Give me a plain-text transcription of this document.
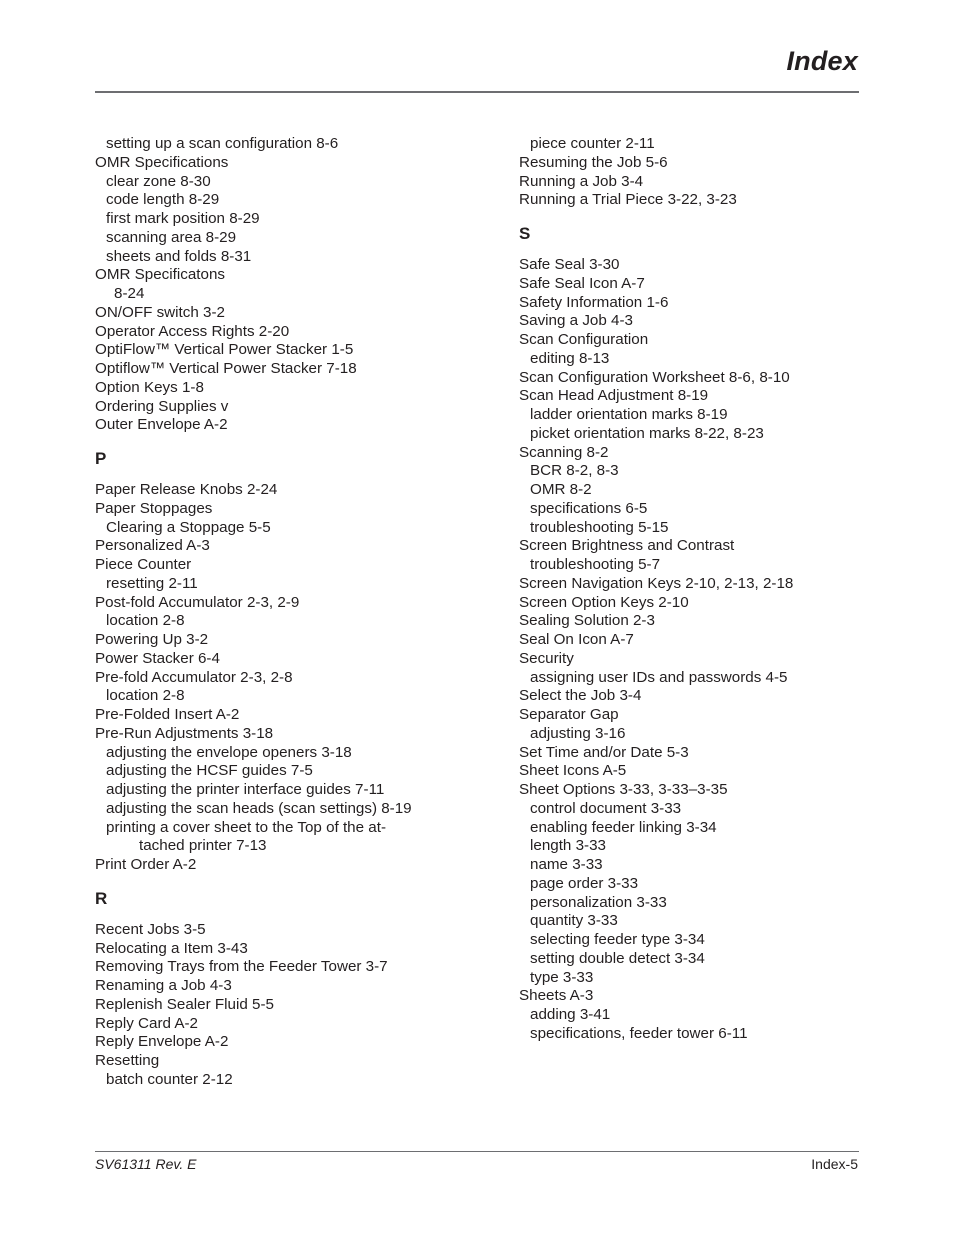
Index
setting up a scan configuration 8-6
OMR Specifications
clear zone 8-30
code length 8-29
first mark position 8-29
scanning area 8-29
sheets and folds 8-31
OMR Specificatons
8-24
ON/OFF switch 3-2
Operator Access Rights 2-20
OptiFlow™ Vertical Power Stacker 1-5
Optiflow™ Vertical Power Stacker 7-18
Option Keys 1-8
Ordering Supplies v
Outer Envelope A-2
P
Paper Release Knobs 2-24
Paper Stoppages
Clearing a Stoppage 5-5
Personalized A-3
Piece Counter
resetting 2-11
Post-fold Accumulator 2-3, 2-9
location 2-8
Powering Up 3-2
Power Stacker 6-4
Pre-fold Accumulator 2-3, 2-8
location 2-8
Pre-Folded Insert A-2
Pre-Run Adjustments 3-18
adjusting the envelope openers 3-18
adjusting the HCSF guides 7-5
adjusting the printer interface guides 7-11
adjusting the scan heads (scan settings) 8-19
printing a cover sheet to the Top of the at-
tached printer 7-13
Print Order A-2
R
Recent Jobs 3-5
Relocating a Item 3-43
Removing Trays from the Feeder Tower 3-7
Renaming a Job 4-3
Replenish Sealer Fluid 5-5
Reply Card A-2
Reply Envelope A-2
Resetting
batch counter 2-12
piece counter 2-11
Resuming the Job 5-6
Running a Job 3-4
Running a Trial Piece 3-22, 3-23
S
Safe Seal 3-30
Safe Seal Icon A-7
Safety Information 1-6
Saving a Job 4-3
Scan Configuration
editing 8-13
Scan Configuration Worksheet 8-6, 8-10
Scan Head Adjustment 8-19
ladder orientation marks 8-19
picket orientation marks 8-22, 8-23
Scanning 8-2
BCR 8-2, 8-3
OMR 8-2
specifications 6-5
troubleshooting 5-15
Screen Brightness and Contrast
troubleshooting 5-7
Screen Navigation Keys 2-10, 2-13, 2-18
Screen Option Keys 2-10
Sealing Solution 2-3
Seal On Icon A-7
Security
assigning user IDs and passwords 4-5
Select the Job 3-4
Separator Gap
adjusting 3-16
Set Time and/or Date 5-3
Sheet Icons A-5
Sheet Options 3-33, 3-33–3-35
control document 3-33
enabling feeder linking 3-34
length 3-33
name 3-33
page order 3-33
personalization 3-33
quantity 3-33
selecting feeder type 3-34
setting double detect 3-34
type 3-33
Sheets A-3
adding 3-41
specifications, feeder tower 6-11
SV61311 Rev. E	Index-5
